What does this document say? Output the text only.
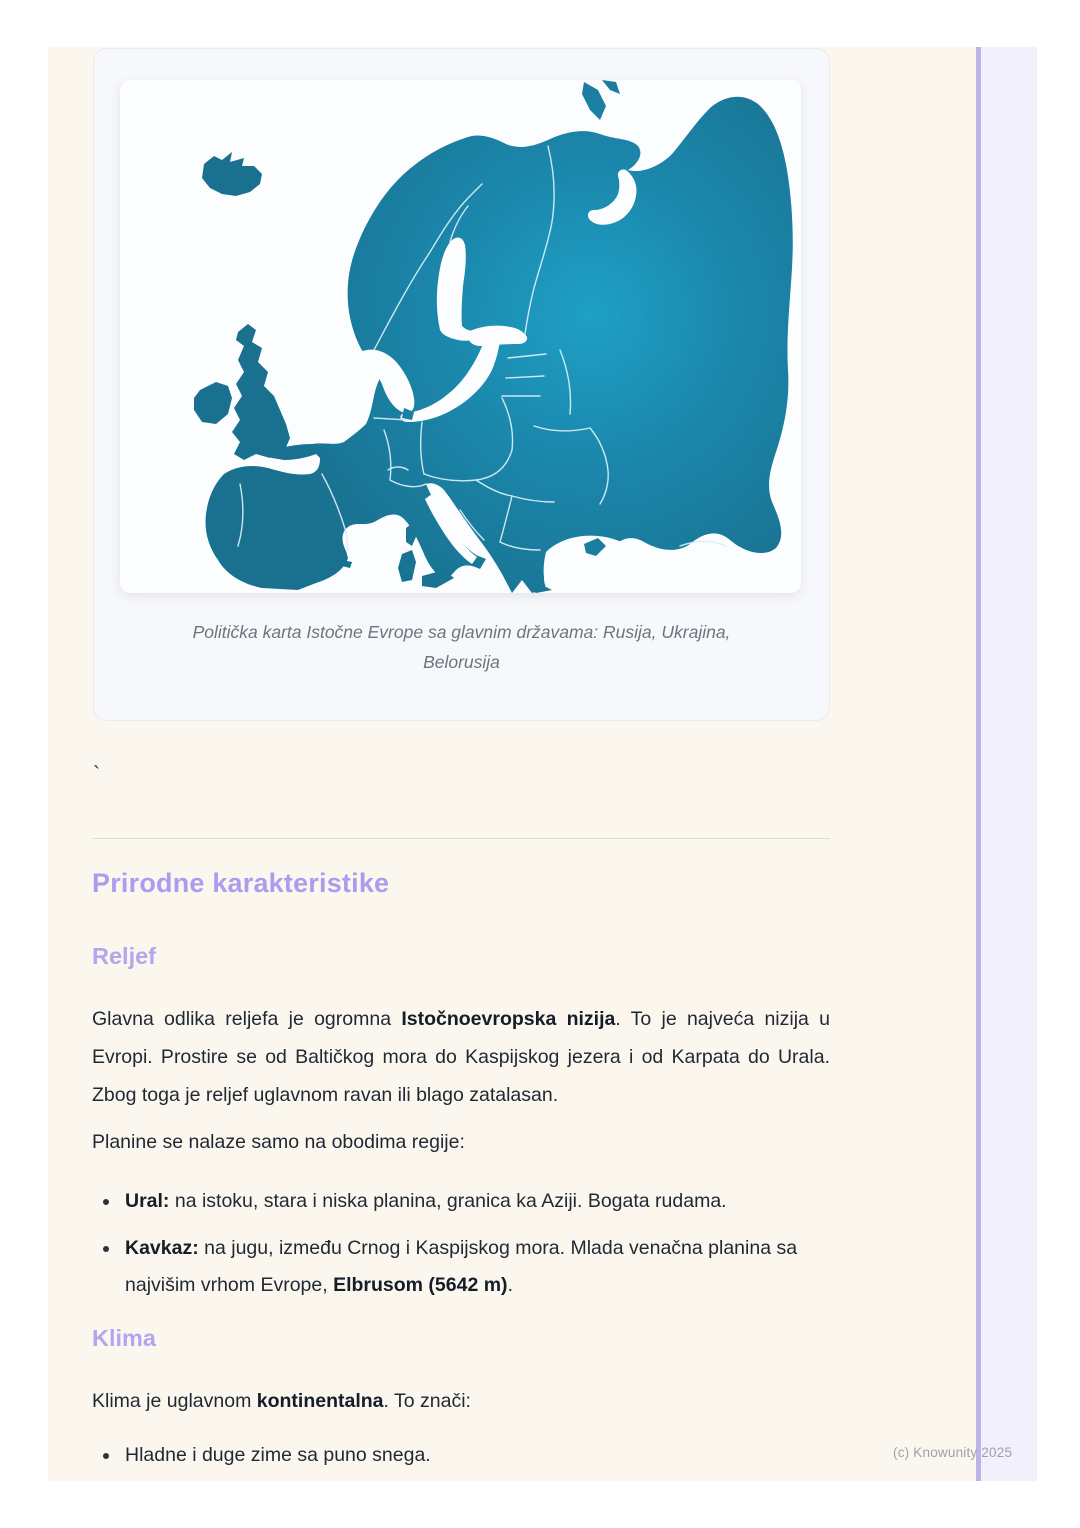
Politička karta Istočne Evrope sa glavnim državama: Rusija, Ukrajina,
Belorusija
`
Prirodne karakteristike
Reljef
Glavna odlika reljefa je ogromna Istočnoevropska nizija. To je najveća nizija u Evropi. Prostire se od Baltičkog mora do Kaspijskog jezera i od Karpata do Urala. Zbog toga je reljef uglavnom ravan ili blago zatalasan.
Planine se nalaze samo na obodima regije:
Ural: na istoku, stara i niska planina, granica ka Aziji. Bogata rudama.
Kavkaz: na jugu, između Crnog i Kaspijskog mora. Mlada venačna planina sa najvišim vrhom Evrope, Elbrusom (5642 m).
Klima
Klima je uglavnom kontinentalna. To znači:
Hladne i duge zime sa puno snega.	(c) Knowunity 2025
